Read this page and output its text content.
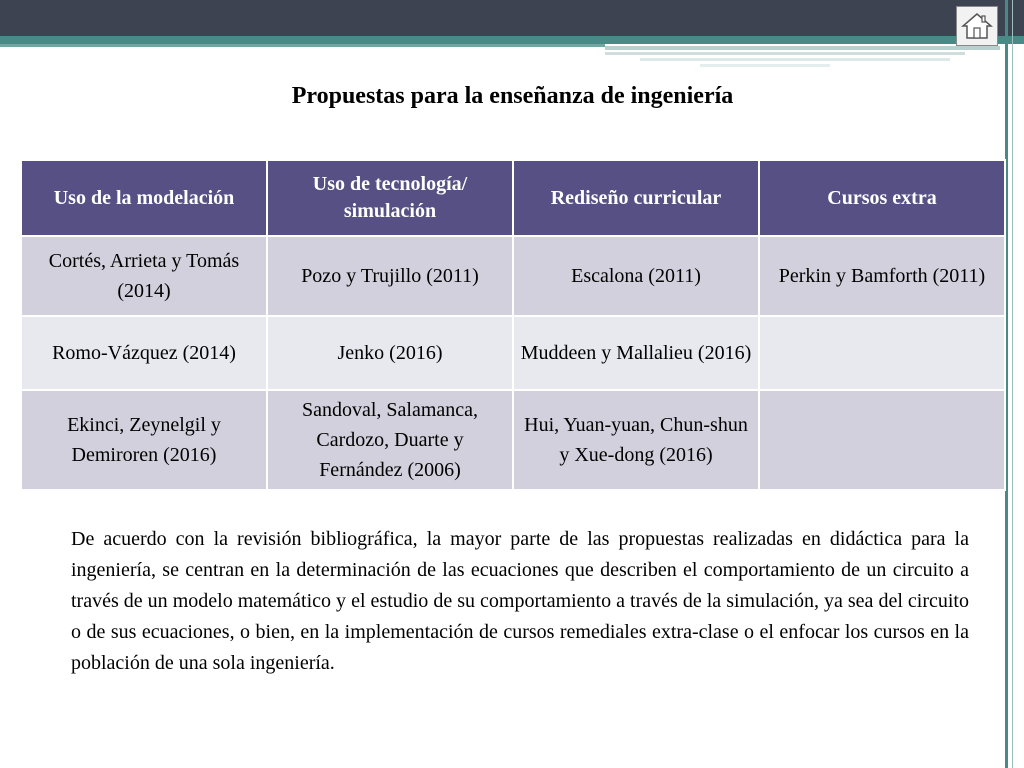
Propuestas para la enseñanza de ingeniería
Uso de la modelación	Uso de tecnología/ simulación	Rediseño curricular	Cursos extra
Cortés, Arrieta y Tomás (2014)	Pozo y Trujillo (2011)	Escalona (2011)	Perkin y Bamforth (2011)
Romo-Vázquez (2014)	Jenko (2016)	Muddeen y Mallalieu (2016)	
Ekinci, Zeynelgil y Demiroren (2016)	Sandoval, Salamanca, Cardozo, Duarte y Fernández (2006)	Hui, Yuan-yuan, Chun-shun y Xue-dong (2016)	
De acuerdo con la revisión bibliográfica, la mayor parte de las propuestas realizadas en didáctica para la ingeniería, se centran en la determinación de las ecuaciones que describen el comportamiento de un circuito a través de un modelo matemático y el estudio de su comportamiento a través de la simulación, ya sea del circuito o de sus ecuaciones, o bien, en la implementación de cursos remediales extra-clase o el enfocar los cursos en la población de una sola ingeniería.
